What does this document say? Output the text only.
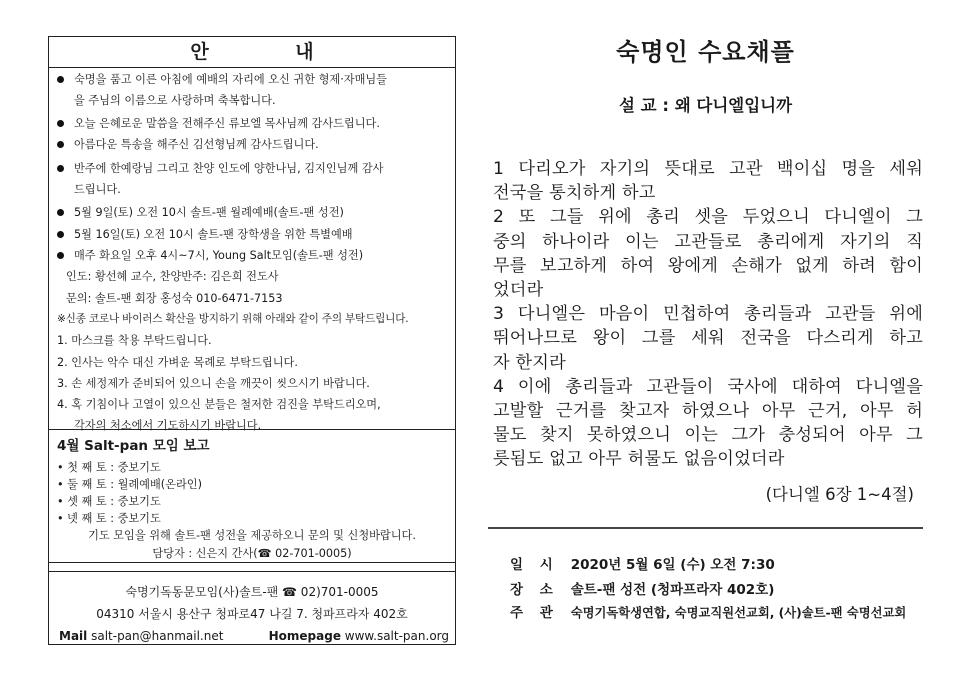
안 내
숙명을 품고 이른 아침에 예배의 자리에 오신 귀한 형제·자매님들
을 주님의 이름으로 사랑하며 축복합니다.
오늘 은혜로운 말씀을 전해주신 류보엘 목사님께 감사드립니다.
아름다운 특송을 해주신 김선형님께 감사드립니다.
반주에 한예랑님 그리고 찬양 인도에 양한나님, 김지인님께 감사
드립니다.
5월 9일(토) 오전 10시 솔트-팬 월례예배(솔트-팬 성전)
5월 16일(토) 오전 10시 솔트-팬 장학생을 위한 특별예배
매주 화요일 오후 4시~7시, Young Salt모임(솔트-팬 성전)
인도: 황선혜 교수, 찬양반주: 김은희 전도사
문의: 솔트-팬 회장 홍성숙 010-6471-7153
※신종 코로나 바이러스 확산을 방지하기 위해 아래와 같이 주의 부탁드립니다.
1. 마스크를 착용 부탁드립니다.
2. 인사는 악수 대신 가벼운 목례로 부탁드립니다.
3. 손 세정제가 준비되어 있으니 손을 깨끗이 씻으시기 바랍니다.
4. 혹 기침이나 고열이 있으신 분들은 철저한 검진을 부탁드리오며,
각자의 처소에서 기도하시기 바랍니다.
4월 Salt-pan 모임 보고
• 첫 째 토 : 중보기도
• 둘 째 토 : 월례예배(온라인)
• 셋 째 토 : 중보기도
• 넷 째 토 : 중보기도
기도 모임을 위해 솔트-팬 성전을 제공하오니 문의 및 신청바랍니다.
담당자 : 신은지 간사(☎ 02-701-0005)
숙명기독동문모임(사)솔트-팬 ☎ 02)701-0005
04310 서울시 용산구 청파로47 나길 7. 청파프라자 402호
Mail salt-pan@hanmail.net	Homepage www.salt-pan.org
숙명인 수요채플
설 교 : 왜 다니엘입니까
1 다리오가 자기의 뜻대로 고관 백이십 명을 세워
전국을 통치하게 하고
2 또 그들 위에 총리 셋을 두었으니 다니엘이 그
중의 하나이라 이는 고관들로 총리에게 자기의 직
무를 보고하게 하여 왕에게 손해가 없게 하려 함이
었더라
3 다니엘은 마음이 민첩하여 총리들과 고관들 위에
뛰어나므로 왕이 그를 세워 전국을 다스리게 하고
자 한지라
4 이에 총리들과 고관들이 국사에 대하여 다니엘을
고발할 근거를 찾고자 하였으나 아무 근거, 아무 허
물도 찾지 못하였으니 이는 그가 충성되어 아무 그
릇됨도 없고 아무 허물도 없음이었더라
(다니엘 6장 1~4절)
일 시 2020년 5월 6일 (수) 오전 7:30
장 소 솔트-팬 성전 (청파프라자 402호)
주 관 숙명기독학생연합, 숙명교직원선교회, (사)솔트-팬 숙명선교회
